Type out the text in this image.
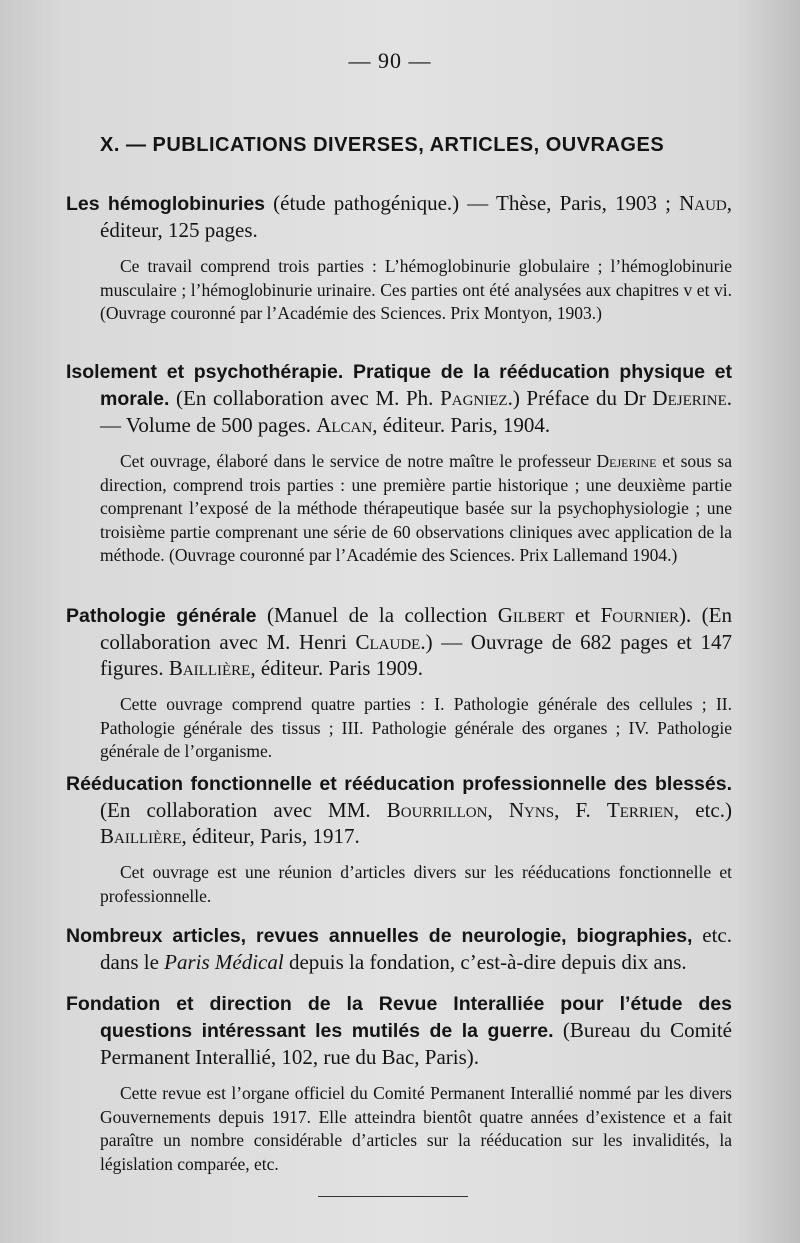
— 90 —
X. — PUBLICATIONS DIVERSES, ARTICLES, OUVRAGES
Les hémoglobinuries (étude pathogénique.) — Thèse, Paris, 1903 ; Naud, éditeur, 125 pages.
Ce travail comprend trois parties : L’hémoglobinurie globulaire ; l’hémoglobinurie musculaire ; l’hémoglobinurie urinaire. Ces parties ont été analysées aux chapitres v et vi. (Ouvrage couronné par l’Académie des Sciences. Prix Montyon, 1903.)
Isolement et psychothérapie. Pratique de la rééducation physique et morale. (En collaboration avec M. Ph. Pagniez.) Préface du Dr Dejerine. — Volume de 500 pages. Alcan, éditeur. Paris, 1904.
Cet ouvrage, élaboré dans le service de notre maître le professeur Dejerine et sous sa direction, comprend trois parties : une première partie historique ; une deuxième partie comprenant l’exposé de la méthode thérapeutique basée sur la psychophysiologie ; une troisième partie comprenant une série de 60 observations cliniques avec application de la méthode. (Ouvrage couronné par l’Académie des Sciences. Prix Lallemand 1904.)
Pathologie générale (Manuel de la collection Gilbert et Fournier). (En collaboration avec M. Henri Claude.) — Ouvrage de 682 pages et 147 figures. Baillière, éditeur. Paris 1909.
Cette ouvrage comprend quatre parties : I. Pathologie générale des cellules ; II. Pathologie générale des tissus ; III. Pathologie générale des organes ; IV. Pathologie générale de l’organisme.
Rééducation fonctionnelle et rééducation professionnelle des blessés. (En collaboration avec MM. Bourrillon, Nyns, F. Terrien, etc.) Baillière, éditeur, Paris, 1917.
Cet ouvrage est une réunion d’articles divers sur les rééducations fonctionnelle et professionnelle.
Nombreux articles, revues annuelles de neurologie, biographies, etc. dans le Paris Médical depuis la fondation, c’est-à-dire depuis dix ans.
Fondation et direction de la Revue Interalliée pour l’étude des questions intéressant les mutilés de la guerre. (Bureau du Comité Permanent Interallié, 102, rue du Bac, Paris).
Cette revue est l’organe officiel du Comité Permanent Interallié nommé par les divers Gouvernements depuis 1917. Elle atteindra bientôt quatre années d’existence et a fait paraître un nombre considérable d’articles sur la rééducation sur les invalidités, la législation comparée, etc.
